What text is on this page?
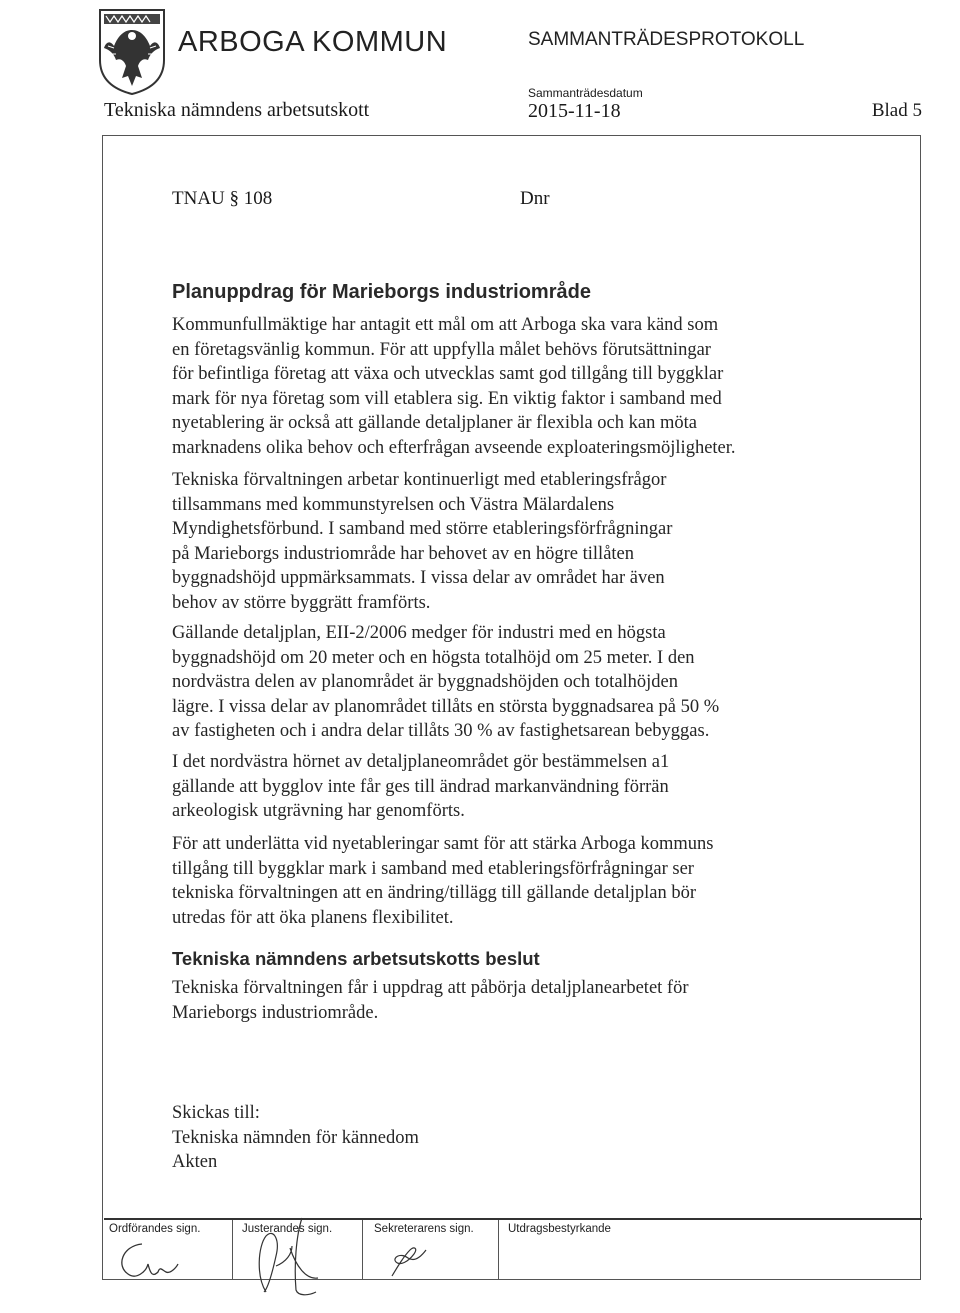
ARBOGA KOMMUN	SAMMANTRÄDESPROTOKOLL
Tekniska nämndens arbetsutskott
Sammanträdesdatum
2015-11-18	Blad 5
TNAU § 108	Dnr
Planuppdrag för Marieborgs industriområde
Kommunfullmäktige har antagit ett mål om att Arboga ska vara känd som
en företagsvänlig kommun. För att uppfylla målet behövs förutsättningar
för befintliga företag att växa och utvecklas samt god tillgång till byggklar
mark för nya företag som vill etablera sig. En viktig faktor i samband med
nyetablering är också att gällande detaljplaner är flexibla och kan möta
marknadens olika behov och efterfrågan avseende exploateringsmöjligheter.
Tekniska förvaltningen arbetar kontinuerligt med etableringsfrågor
tillsammans med kommunstyrelsen och Västra Mälardalens
Myndighetsförbund. I samband med större etableringsförfrågningar
på Marieborgs industriområde har behovet av en högre tillåten
byggnadshöjd uppmärksammats. I vissa delar av området har även
behov av större byggrätt framförts.
Gällande detaljplan, EII-2/2006 medger för industri med en högsta
byggnadshöjd om 20 meter och en högsta totalhöjd om 25 meter. I den
nordvästra delen av planområdet är byggnadshöjden och totalhöjden
lägre. I vissa delar av planområdet tillåts en största byggnadsarea på 50 %
av fastigheten och i andra delar tillåts 30 % av fastighetsarean bebyggas.
I det nordvästra hörnet av detaljplaneområdet gör bestämmelsen a1
gällande att bygglov inte får ges till ändrad markanvändning förrän
arkeologisk utgrävning har genomförts.
För att underlätta vid nyetableringar samt för att stärka Arboga kommuns
tillgång till byggklar mark i samband med etableringsförfrågningar ser
tekniska förvaltningen att en ändring/tillägg till gällande detaljplan bör
utredas för att öka planens flexibilitet.
Tekniska nämndens arbetsutskotts beslut
Tekniska förvaltningen får i uppdrag att påbörja detaljplanearbetet för
Marieborgs industriområde.
Skickas till:
Tekniska nämnden för kännedom
Akten
Ordförandes sign.	Justerandes sign.	Sekreterarens sign.	Utdragsbestyrkande
